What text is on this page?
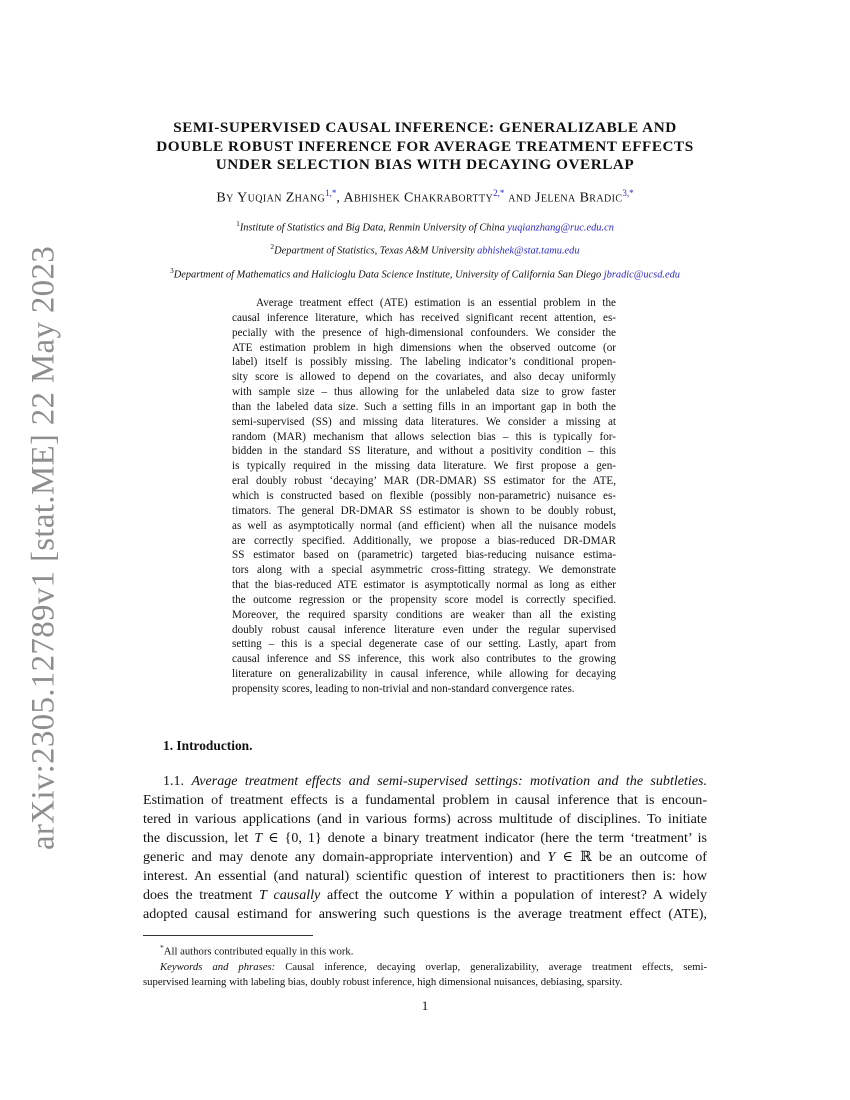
arXiv:2305.12789v1 [stat.ME] 22 May 2023
SEMI-SUPERVISED CAUSAL INFERENCE: GENERALIZABLE AND
DOUBLE ROBUST INFERENCE FOR AVERAGE TREATMENT EFFECTS
UNDER SELECTION BIAS WITH DECAYING OVERLAP
By Yuqian Zhang$^{1,*}$, Abhishek Chakrabortty$^{2,*}$ and Jelena Bradic$^{3,*}$
$^1$Institute of Statistics and Big Data, Renmin University of China yuqianzhang@ruc.edu.cn
$^2$Department of Statistics, Texas A&M University abhishek@stat.tamu.edu
$^3$Department of Mathematics and Halicioglu Data Science Institute, University of California San Diego jbradic@ucsd.edu
Average treatment effect (ATE) estimation is an essential problem in the
causal inference literature, which has received significant recent attention, es-
pecially with the presence of high-dimensional confounders. We consider the
ATE estimation problem in high dimensions when the observed outcome (or
label) itself is possibly missing. The labeling indicator’s conditional propen-
sity score is allowed to depend on the covariates, and also decay uniformly
with sample size – thus allowing for the unlabeled data size to grow faster
than the labeled data size. Such a setting fills in an important gap in both the
semi-supervised (SS) and missing data literatures. We consider a missing at
random (MAR) mechanism that allows selection bias – this is typically for-
bidden in the standard SS literature, and without a positivity condition – this
is typically required in the missing data literature. We first propose a gen-
eral doubly robust ‘decaying’ MAR (DR-DMAR) SS estimator for the ATE,
which is constructed based on flexible (possibly non-parametric) nuisance es-
timators. The general DR-DMAR SS estimator is shown to be doubly robust,
as well as asymptotically normal (and efficient) when all the nuisance models
are correctly specified. Additionally, we propose a bias-reduced DR-DMAR
SS estimator based on (parametric) targeted bias-reducing nuisance estima-
tors along with a special asymmetric cross-fitting strategy. We demonstrate
that the bias-reduced ATE estimator is asymptotically normal as long as either
the outcome regression or the propensity score model is correctly specified.
Moreover, the required sparsity conditions are weaker than all the existing
doubly robust causal inference literature even under the regular supervised
setting – this is a special degenerate case of our setting. Lastly, apart from
causal inference and SS inference, this work also contributes to the growing
literature on generalizability in causal inference, while allowing for decaying
propensity scores, leading to non-trivial and non-standard convergence rates.
1. Introduction.
1.1. Average treatment effects and semi-supervised settings: motivation and the subtleties.
Estimation of treatment effects is a fundamental problem in causal inference that is encoun-
tered in various applications (and in various forms) across multitude of disciplines. To initiate
the discussion, let T ∈ {0, 1} denote a binary treatment indicator (here the term ‘treatment’ is
generic and may denote any domain-appropriate intervention) and Y ∈ ℝ be an outcome of
interest. An essential (and natural) scientific question of interest to practitioners then is: how
does the treatment T causally affect the outcome Y within a population of interest? A widely
adopted causal estimand for answering such questions is the average treatment effect (ATE),
*All authors contributed equally in this work.
Keywords and phrases: Causal inference, decaying overlap, generalizability, average treatment effects, semi-
supervised learning with labeling bias, doubly robust inference, high dimensional nuisances, debiasing, sparsity.
1
